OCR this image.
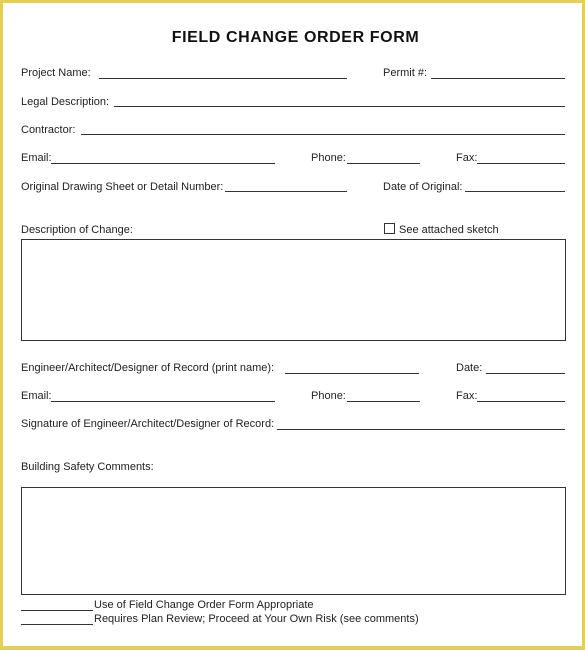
FIELD CHANGE ORDER FORM
Project Name:	Permit #:
Legal Description:
Contractor:
Email:	Phone:	Fax:
Original Drawing Sheet or Detail Number:	Date of Original:
Description of Change:	See attached sketch
Engineer/Architect/Designer of Record (print name):	Date:
Email:	Phone:	Fax:
Signature of Engineer/Architect/Designer of Record:
Building Safety Comments:
Use of Field Change Order Form Appropriate
Requires Plan Review; Proceed at Your Own Risk (see comments)
